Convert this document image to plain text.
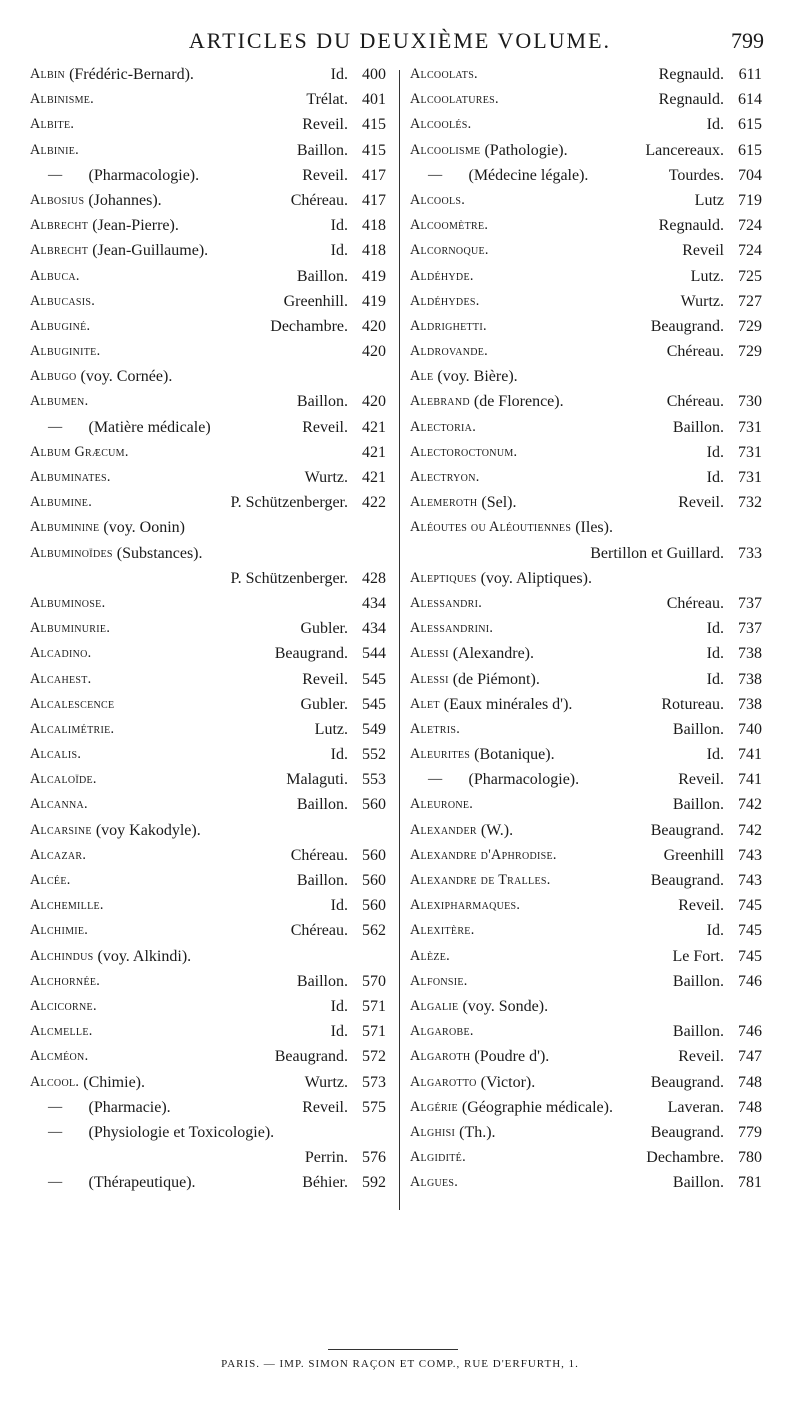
ARTICLES DU DEUXIÈME VOLUME.	799
Albin (Frédéric-Bernard).	Id. 400
Albinisme.	Trélat. 401
Albite.	Reveil. 415
Albinie.	Baillon. 415
— (Pharmacologie).	Reveil. 417
Albosius (Johannes).	Chéreau. 417
Albrecht (Jean-Pierre).	Id. 418
Albrecht (Jean-Guillaume).	Id. 418
Albuca.	Baillon. 419
Albucasis.	Greenhill. 419
Albuginé.	Dechambre. 420
Albuginite.	420
Albugo (voy. Cornée).
Albumen.	Baillon. 420
— (Matière médicale)	Reveil. 421
Album Græcum.	421
Albuminates.	Wurtz. 421
Albumine.	P. Schützenberger. 422
Albuminine (voy. Oonin)
Albuminoïdes (Substances).
P. Schützenberger. 428
Albuminose.	434
Albuminurie.	Gubler. 434
Alcadino.	Beaugrand. 544
Alcahest.	Reveil. 545
Alcalescence	Gubler. 545
Alcalimétrie.	Lutz. 549
Alcalis.	Id. 552
Alcaloïde.	Malaguti. 553
Alcanna.	Baillon. 560
Alcarsine (voy Kakodyle).
Alcazar.	Chéreau. 560
Alcée.	Baillon. 560
Alchemille.	Id. 560
Alchimie.	Chéreau. 562
Alchindus (voy. Alkindi).
Alchornée.	Baillon. 570
Alcicorne.	Id. 571
Alcmelle.	Id. 571
Alcméon.	Beaugrand. 572
Alcool. (Chimie).	Wurtz. 573
— (Pharmacie).	Reveil. 575
— (Physiologie et Toxicologie).
Perrin. 576
— (Thérapeutique).	Béhier. 592
Alcoolats.	Regnauld. 611
Alcoolatures.	Regnauld. 614
Alcoolés.	Id. 615
Alcoolisme (Pathologie).	Lancereaux. 615
— (Médecine légale).	Tourdes. 704
Alcools.	Lutz 719
Alcoomètre.	Regnauld. 724
Alcornoque.	Reveil 724
Aldéhyde.	Lutz. 725
Aldéhydes.	Wurtz. 727
Aldrighetti.	Beaugrand. 729
Aldrovande.	Chéreau. 729
Ale (voy. Bière).
Alebrand (de Florence).	Chéreau. 730
Alectoria.	Baillon. 731
Alectoroctonum.	Id. 731
Alectryon.	Id. 731
Alemeroth (Sel).	Reveil. 732
Aléoutes ou Aléoutiennes (Iles).
Bertillon et Guillard. 733
Aleptiques (voy. Aliptiques).
Alessandri.	Chéreau. 737
Alessandrini.	Id. 737
Alessi (Alexandre).	Id. 738
Alessi (de Piémont).	Id. 738
Alet (Eaux minérales d').	Rotureau. 738
Aletris.	Baillon. 740
Aleurites (Botanique).	Id. 741
— (Pharmacologie).	Reveil. 741
Aleurone.	Baillon. 742
Alexander (W.).	Beaugrand. 742
Alexandre d'Aphrodise.	Greenhill 743
Alexandre de Tralles.	Beaugrand. 743
Alexipharmaques.	Reveil. 745
Alexitère.	Id. 745
Alèze.	Le Fort. 745
Alfonsie.	Baillon. 746
Algalie (voy. Sonde).
Algarobe.	Baillon. 746
Algaroth (Poudre d').	Reveil. 747
Algarotto (Victor).	Beaugrand. 748
Algérie (Géographie médicale).	Laveran. 748
Alghisi (Th.).	Beaugrand. 779
Algidité.	Dechambre. 780
Algues.	Baillon. 781
PARIS. — IMP. SIMON RAÇON ET COMP., RUE D'ERFURTH, 1.
